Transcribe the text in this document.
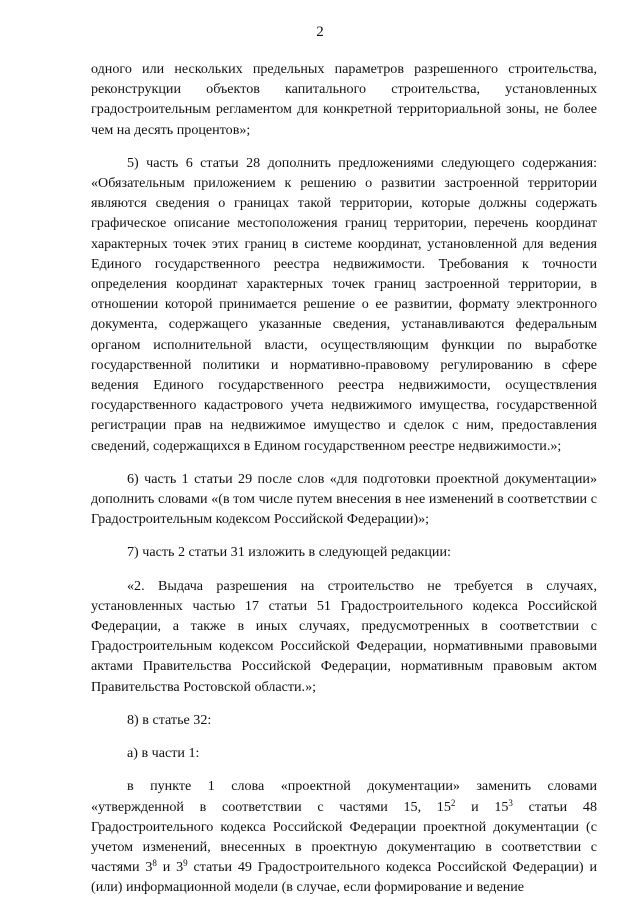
2

одного или нескольких предельных параметров разрешенного строительства, реконструкции объектов капитального строительства, установленных градостроительным регламентом для конкретной территориальной зоны, не более чем на десять процентов»;

5) часть 6 статьи 28 дополнить предложениями следующего содержания: «Обязательным приложением к решению о развитии застроенной территории являются сведения о границах такой территории, которые должны содержать графическое описание местоположения границ территории, перечень координат характерных точек этих границ в системе координат, установленной для ведения Единого государственного реестра недвижимости. Требования к точности определения координат характерных точек границ застроенной территории, в отношении которой принимается решение о ее развитии, формату электронного документа, содержащего указанные сведения, устанавливаются федеральным органом исполнительной власти, осуществляющим функции по выработке государственной политики и нормативно-правовому регулированию в сфере ведения Единого государственного реестра недвижимости, осуществления государственного кадастрового учета недвижимого имущества, государственной регистрации прав на недвижимое имущество и сделок с ним, предоставления сведений, содержащихся в Едином государственном реестре недвижимости.»;

6) часть 1 статьи 29 после слов «для подготовки проектной документации» дополнить словами «(в том числе путем внесения в нее изменений в соответствии с Градостроительным кодексом Российской Федерации)»;

7) часть 2 статьи 31 изложить в следующей редакции:

«2. Выдача разрешения на строительство не требуется в случаях, установленных частью 17 статьи 51 Градостроительного кодекса Российской Федерации, а также в иных случаях, предусмотренных в соответствии с Градостроительным кодексом Российской Федерации, нормативными правовыми актами Правительства Российской Федерации, нормативным правовым актом Правительства Ростовской области.»;

8) в статье 32:

а) в части 1:

в пункте 1 слова «проектной документации» заменить словами «утвержденной в соответствии с частями 15, $15^2$ и $15^3$ статьи 48 Градостроительного кодекса Российской Федерации проектной документации (с учетом изменений, внесенных в проектную документацию в соответствии с частями $3^8$ и $3^9$ статьи 49 Градостроительного кодекса Российской Федерации) и (или) информационной модели (в случае, если формирование и ведение
